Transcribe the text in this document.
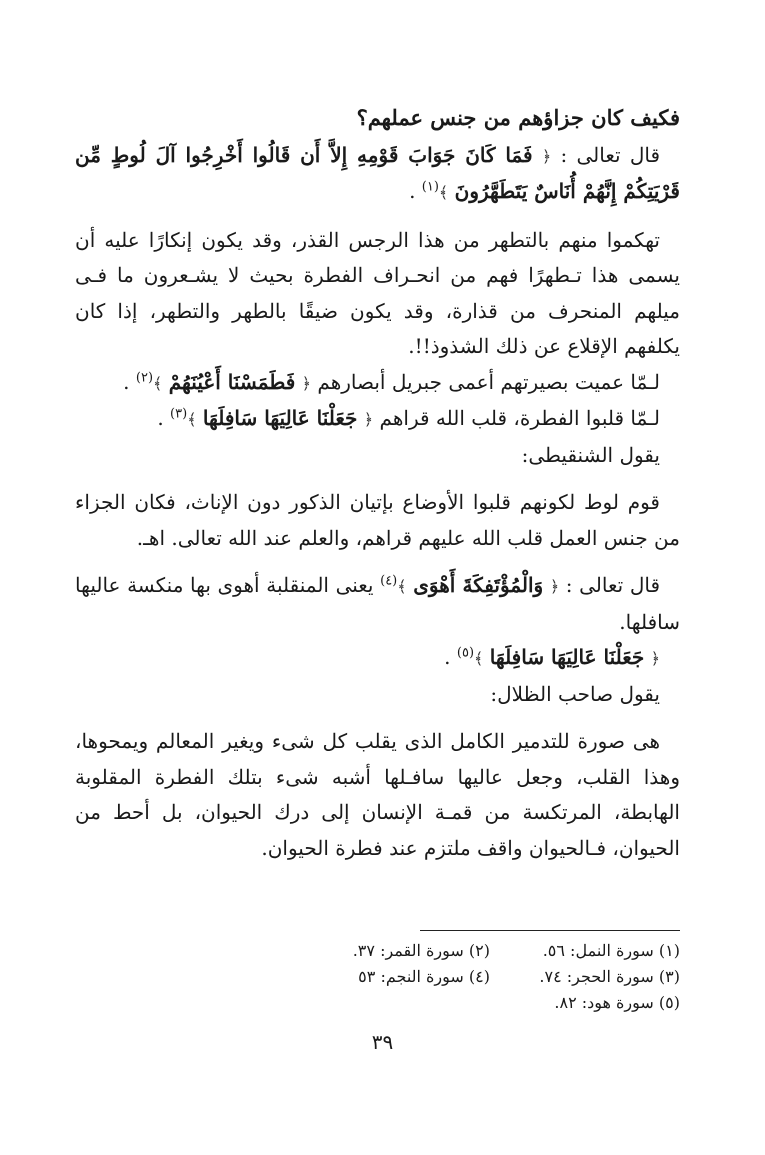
فكيف كان جزاؤهم من جنس عملهم؟

قال تعالى : ﴿ فَمَا كَانَ جَوَابَ قَوْمِهِ إِلاَّ أَن قَالُوا أَخْرِجُوا آلَ لُوطٍ مِّن قَرْيَتِكُمْ إِنَّهُمْ أُنَاسٌ يَتَطَهَّرُونَ ﴾$^{(١)}$ .

تهكموا منهم بالتطهر من هذا الرجس القذر، وقد يكون إنكارًا عليه أن يسمى هذا تـطهرًا فهم من انحـراف الفطرة بحيث لا يشـعرون ما فـى ميلهم المنحرف من قذارة، وقد يكون ضيقًا بالطهر والتطهر، إذا كان يكلفهم الإقلاع عن ذلك الشذوذ!!.

لـمّا عميت بصيرتهم أعمى جبريل أبصارهم ﴿ فَطَمَسْنَا أَعْيُنَهُمْ ﴾$^{(٢)}$ .

لـمّا قلبوا الفطرة، قلب الله قراهم ﴿ جَعَلْنَا عَالِيَهَا سَافِلَهَا ﴾$^{(٣)}$ .

يقول الشنقيطى:

قوم لوط لكونهم قلبوا الأوضاع بإتيان الذكور دون الإناث، فكان الجزاء من جنس العمل قلب الله عليهم قراهم، والعلم عند الله تعالى. اهـ.

قال تعالى : ﴿ وَالْمُؤْتَفِكَةَ أَهْوَى ﴾$^{(٤)}$ يعنى المنقلبة أهوى بها منكسة عاليها سافلها.

﴿ جَعَلْنَا عَالِيَهَا سَافِلَهَا ﴾$^{(٥)}$ .

يقول صاحب الظلال:

هى صورة للتدمير الكامل الذى يقلب كل شىء ويغير المعالم ويمحوها، وهذا القلب، وجعل عاليها سافـلها أشبه شىء بتلك الفطرة المقلوبة الهابطة، المرتكسة من قمـة الإنسان إلى درك الحيوان، بل أحط من الحيوان، فـالحيوان واقف ملتزم عند فطرة الحيوان.

(١) سورة النمل: ٥٦.
(٢) سورة القمر: ٣٧.
(٣) سورة الحجر: ٧٤.
(٤) سورة النجم: ٥٣
(٥) سورة هود: ٨٢.
٣٩
